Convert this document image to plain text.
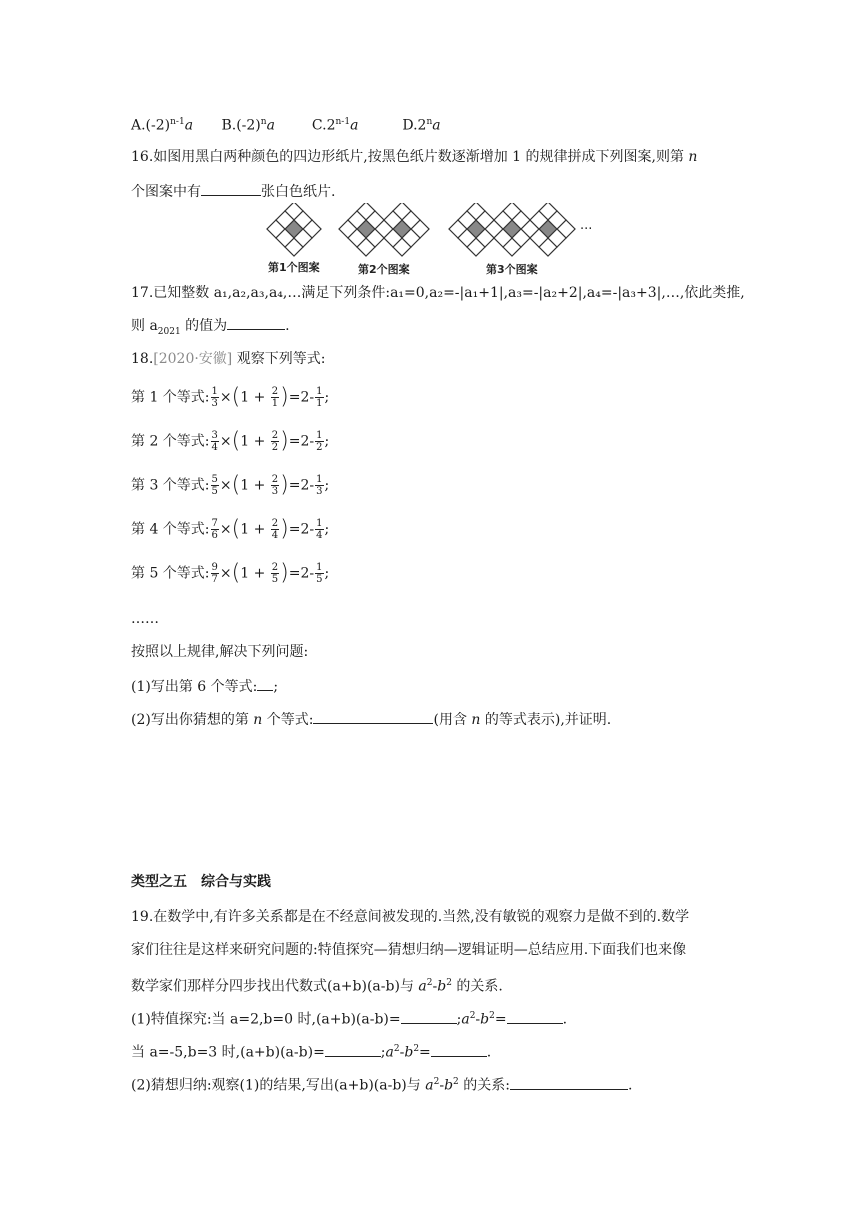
$A.(-2)^{n-1}a$ $B.(-2)^na$	C.2$^{n-1}$a	D.2$^n$a
16.如图用黑白两种颜色的四边形纸片,按黑色纸片数逐渐增加 1 的规律拼成下列图案,则第 n
个图案中有	张白色纸片.
···
第1个图案	第2个图案	第3个图案
17.已知整数 a₁,a₂,a₃,a₄,…满足下列条件:a₁=0,a₂=-|a₁+1|,a₃=-|a₂+2|,a₄=-|a₃+3|,…,依此类推,
则 $a_{2021}$ 的值为	.
18.[2020·安徽] 观察下列等式:
第 1 个等式: $\frac{1}{3} \times(1 + \frac{2}{1} )=2- \frac{1}{1}$ ;
第 2 个等式: $\frac{3}{4} \times(1 + \frac{2}{2} )=2- \frac{1}{2}$ ;
第 3 个等式: $\frac{5}{5} \times(1 + \frac{2}{3} )=2- \frac{1}{3}$ ;
第 4 个等式: $\frac{7}{6} \times(1 + \frac{2}{4} )=2- \frac{1}{4}$ ;
第 5 个等式: $\frac{9}{7} \times(1 + \frac{2}{5} )=2- \frac{1}{5}$ ;
……
按照以上规律,解决下列问题:
(1)写出第 6 个等式: ;
(2)写出你猜想的第 n 个等式:	(用含 n 的等式表示),并证明.
类型之五　综合与实践
19.在数学中,有许多关系都是在不经意间被发现的.当然,没有敏锐的观察力是做不到的.数学
家们往往是这样来研究问题的:特值探究—猜想归纳—逻辑证明—总结应用.下面我们也来像
数学家们那样分四步找出代数式(a+b)(a-b)与 $a^2-b^2$ 的关系.
(1)特值探究:当 a=2,b=0 时,(a+b)(a-b)=	$;a^2-b^2=$	.
当 a=-5,b=3 时,(a+b)(a-b)=	$;a^2-b^2=$	.
(2)猜想归纳:观察(1)的结果,写出(a+b)(a-b)与 $a^2-b^2$ 的关系:	.
